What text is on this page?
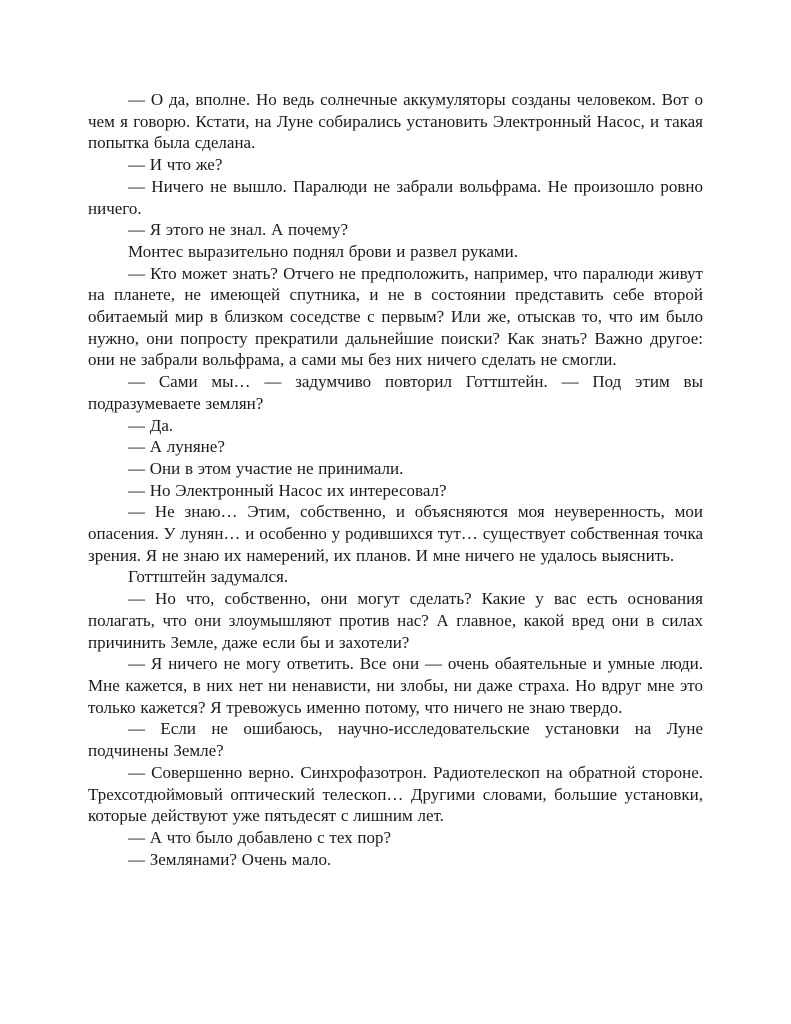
— О да, вполне. Но ведь солнечные аккумуляторы созданы человеком. Вот о чем я говорю. Кстати, на Луне собирались установить Электронный Насос, и такая попытка была сделана.

— И что же?

— Ничего не вышло. Паралюди не забрали вольфрама. Не произошло ровно ничего.

— Я этого не знал. А почему?

Монтес выразительно поднял брови и развел руками.

— Кто может знать? Отчего не предположить, например, что паралюди живут на планете, не имеющей спутника, и не в состоянии представить себе второй обитаемый мир в близком соседстве с первым? Или же, отыскав то, что им было нужно, они попросту прекратили дальнейшие поиски? Как знать? Важно другое: они не забрали вольфрама, а сами мы без них ничего сделать не смогли.

— Сами мы… — задумчиво повторил Готтштейн. — Под этим вы подразумеваете землян?

— Да.

— А луняне?

— Они в этом участие не принимали.

— Но Электронный Насос их интересовал?

— Не знаю… Этим, собственно, и объясняются моя неуверенность, мои опасения. У лунян… и особенно у родившихся тут… существует собственная точка зрения. Я не знаю их намерений, их планов. И мне ничего не удалось выяснить.

Готтштейн задумался.

— Но что, собственно, они могут сделать? Какие у вас есть основания полагать, что они злоумышляют против нас? А главное, какой вред они в силах причинить Земле, даже если бы и захотели?

— Я ничего не могу ответить. Все они — очень обаятельные и умные люди. Мне кажется, в них нет ни ненависти, ни злобы, ни даже страха. Но вдруг мне это только кажется? Я тревожусь именно потому, что ничего не знаю твердо.

— Если не ошибаюсь, научно-исследовательские установки на Луне подчинены Земле?

— Совершенно верно. Синхрофазотрон. Радиотелескоп на обратной стороне. Трехсотдюймовый оптический телескоп… Другими словами, большие установки, которые действуют уже пятьдесят с лишним лет.

— А что было добавлено с тех пор?

— Землянами? Очень мало.
